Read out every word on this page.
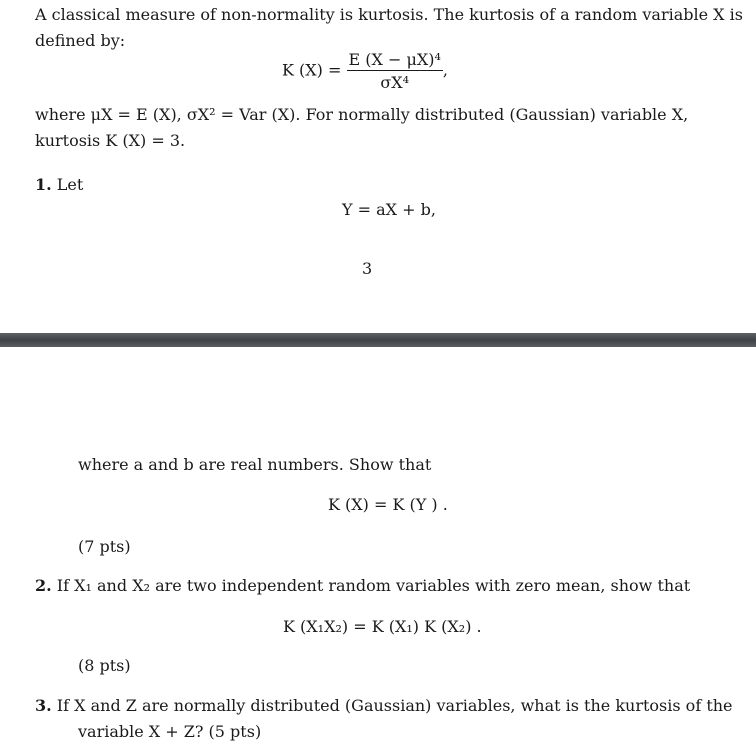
A classical measure of non-normality is kurtosis. The kurtosis of a random variable X is
defined by:
K $(X) = \frac{\text{E (X − μX)⁴}}{\text{σX⁴}}$ ,
where μX = E (X), σX² = Var (X). For normally distributed (Gaussian) variable X,
kurtosis K (X) = 3.
1. Let
Y = aX + b,
3
where a and b are real numbers. Show that
K (X) = K (Y ) .
(7 pts)
2. If X₁ and X₂ are two independent random variables with zero mean, show that
K (X₁X₂) = K (X₁) K (X₂) .
(8 pts)
3. If X and Z are normally distributed (Gaussian) variables, what is the kurtosis of the
variable X + Z? (5 pts)
